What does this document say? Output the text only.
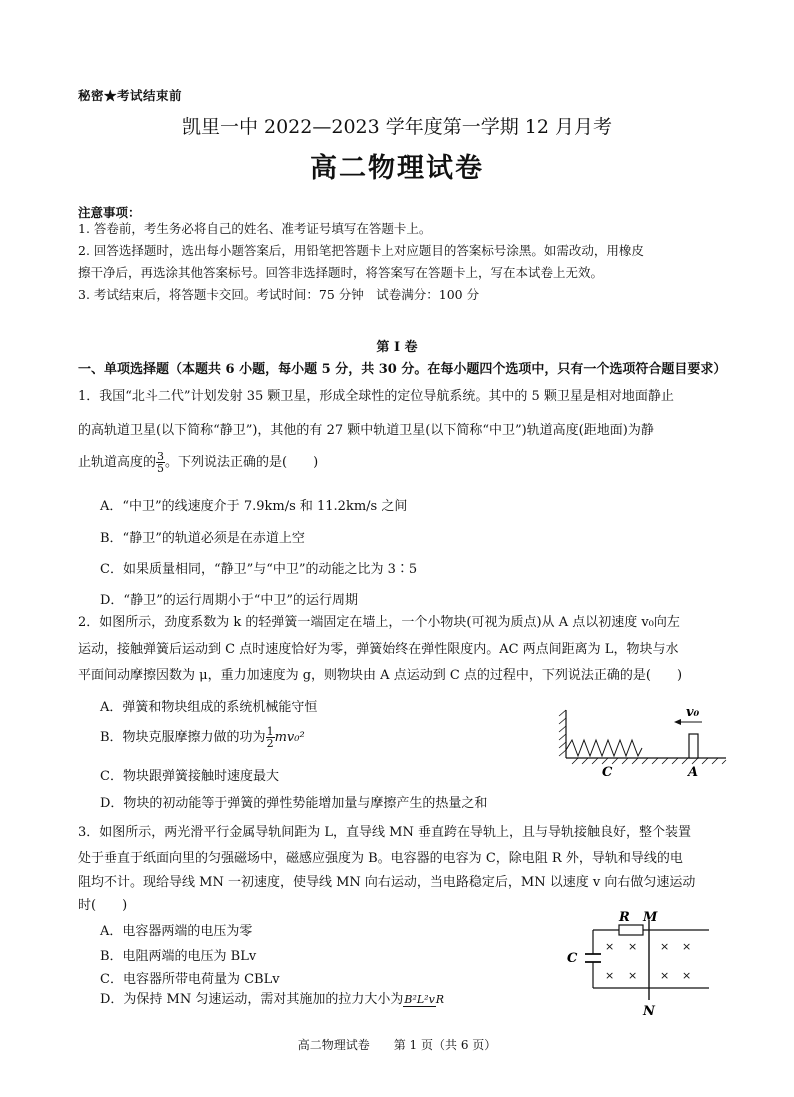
秘密★考试结束前
凯里一中 2022—2023 学年度第一学期 12 月月考
高二物理试卷
注意事项：
1. 答卷前，考生务必将自己的姓名、准考证号填写在答题卡上。
2. 回答选择题时，选出每小题答案后，用铅笔把答题卡上对应题目的答案标号涂黑。如需改动，用橡皮
擦干净后，再选涂其他答案标号。回答非选择题时，将答案写在答题卡上，写在本试卷上无效。
3. 考试结束后，将答题卡交回。考试时间：75 分钟　试卷满分：100 分
第 I 卷
一、单项选择题（本题共 6 小题，每小题 5 分，共 30 分。在每小题四个选项中，只有一个选项符合题目要求）
1．我国“北斗二代”计划发射 35 颗卫星，形成全球性的定位导航系统。其中的 5 颗卫星是相对地面静止
的高轨道卫星(以下简称“静卫”)，其他的有 27 颗中轨道卫星(以下简称“中卫”)轨道高度(距地面)为静
止轨道高度的 $\frac{3}{5}$ 。下列说法正确的是(　　)
A．“中卫”的线速度介于 7.9km/s 和 11.2km/s 之间
B．“静卫”的轨道必须是在赤道上空
C．如果质量相同，“静卫”与“中卫”的动能之比为 3∶5
D．“静卫”的运行周期小于“中卫”的运行周期
2．如图所示，劲度系数为 k 的轻弹簧一端固定在墙上，一个小物块(可视为质点)从 A 点以初速度 v₀向左
运动，接触弹簧后运动到 C 点时速度恰好为零，弹簧始终在弹性限度内。AC 两点间距离为 L，物块与水
平面间动摩擦因数为 μ，重力加速度为 g，则物块由 A 点运动到 C 点的过程中，下列说法正确的是(　　)
A．弹簧和物块组成的系统机械能守恒
B．物块克服摩擦力做的功为 $\frac{1}{2} mv_0^2$
C．物块跟弹簧接触时速度最大
D．物块的初动能等于弹簧的弹性势能增加量与摩擦产生的热量之和
v₀
C	A
3．如图所示，两光滑平行金属导轨间距为 L，直导线 MN 垂直跨在导轨上，且与导轨接触良好，整个装置
处于垂直于纸面向里的匀强磁场中，磁感应强度为 B。电容器的电容为 C，除电阻 R 外，导轨和导线的电
阻均不计。现给导线 MN 一初速度，使导线 MN 向右运动，当电路稳定后，MN 以速度 v 向右做匀速运动
时(　　)
A．电容器两端的电压为零
B．电阻两端的电压为 BLv
C．电容器所带电荷量为 CBLv
D．为保持 MN 匀速运动，需对其施加的拉力大小为B²L²vR
R M
C
N
× × × ×
× × × ×
高二物理试卷　　第 1 页（共 6 页）
